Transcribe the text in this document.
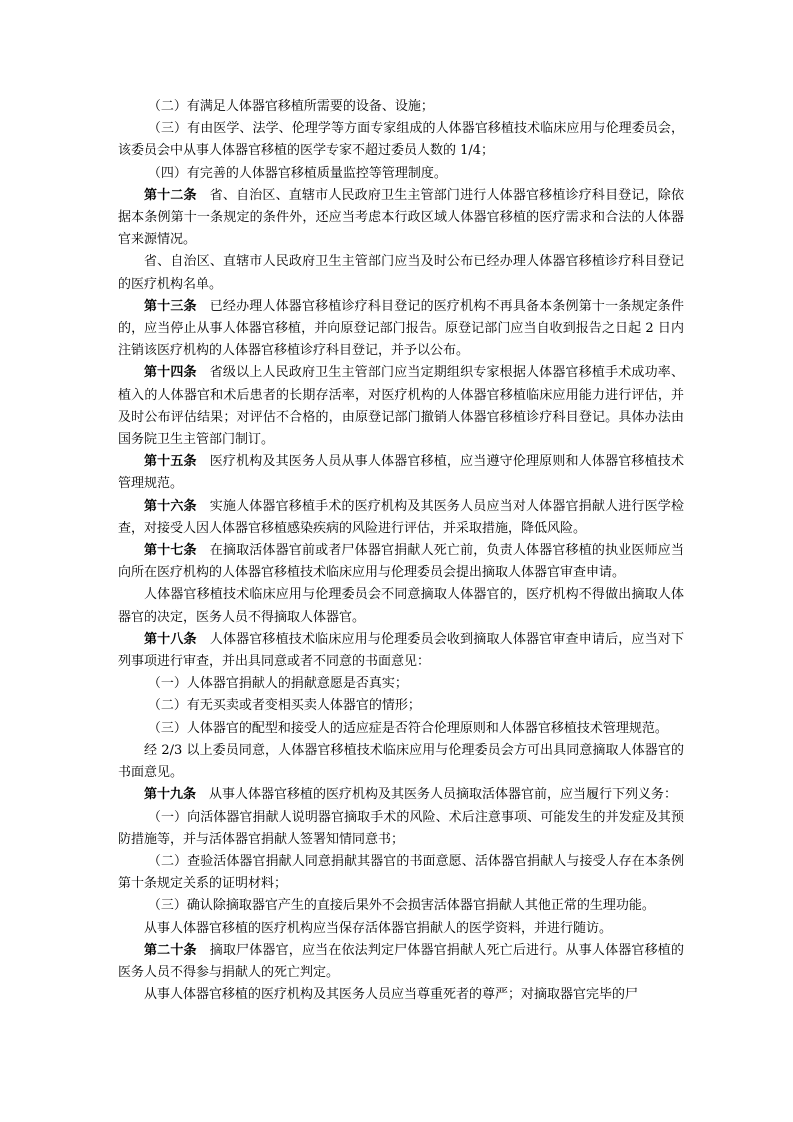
（二）有满足人体器官移植所需要的设备、设施；

（三）有由医学、法学、伦理学等方面专家组成的人体器官移植技术临床应用与伦理委员会，该委员会中从事人体器官移植的医学专家不超过委员人数的 1/4；

（四）有完善的人体器官移植质量监控等管理制度。

第十二条 省、自治区、直辖市人民政府卫生主管部门进行人体器官移植诊疗科目登记，除依据本条例第十一条规定的条件外，还应当考虑本行政区域人体器官移植的医疗需求和合法的人体器官来源情况。

省、自治区、直辖市人民政府卫生主管部门应当及时公布已经办理人体器官移植诊疗科目登记的医疗机构名单。

第十三条 已经办理人体器官移植诊疗科目登记的医疗机构不再具备本条例第十一条规定条件的，应当停止从事人体器官移植，并向原登记部门报告。原登记部门应当自收到报告之日起 2 日内注销该医疗机构的人体器官移植诊疗科目登记，并予以公布。

第十四条 省级以上人民政府卫生主管部门应当定期组织专家根据人体器官移植手术成功率、植入的人体器官和术后患者的长期存活率，对医疗机构的人体器官移植临床应用能力进行评估，并及时公布评估结果；对评估不合格的，由原登记部门撤销人体器官移植诊疗科目登记。具体办法由国务院卫生主管部门制订。

第十五条 医疗机构及其医务人员从事人体器官移植，应当遵守伦理原则和人体器官移植技术管理规范。

第十六条 实施人体器官移植手术的医疗机构及其医务人员应当对人体器官捐献人进行医学检查，对接受人因人体器官移植感染疾病的风险进行评估，并采取措施，降低风险。

第十七条 在摘取活体器官前或者尸体器官捐献人死亡前，负责人体器官移植的执业医师应当向所在医疗机构的人体器官移植技术临床应用与伦理委员会提出摘取人体器官审查申请。

人体器官移植技术临床应用与伦理委员会不同意摘取人体器官的，医疗机构不得做出摘取人体器官的决定，医务人员不得摘取人体器官。

第十八条 人体器官移植技术临床应用与伦理委员会收到摘取人体器官审查申请后，应当对下列事项进行审查，并出具同意或者不同意的书面意见：

（一）人体器官捐献人的捐献意愿是否真实；

（二）有无买卖或者变相买卖人体器官的情形；

（三）人体器官的配型和接受人的适应症是否符合伦理原则和人体器官移植技术管理规范。

经 2/3 以上委员同意，人体器官移植技术临床应用与伦理委员会方可出具同意摘取人体器官的书面意见。

第十九条 从事人体器官移植的医疗机构及其医务人员摘取活体器官前，应当履行下列义务：

（一）向活体器官捐献人说明器官摘取手术的风险、术后注意事项、可能发生的并发症及其预防措施等，并与活体器官捐献人签署知情同意书；

（二）查验活体器官捐献人同意捐献其器官的书面意愿、活体器官捐献人与接受人存在本条例第十条规定关系的证明材料；

（三）确认除摘取器官产生的直接后果外不会损害活体器官捐献人其他正常的生理功能。

从事人体器官移植的医疗机构应当保存活体器官捐献人的医学资料，并进行随访。

第二十条 摘取尸体器官，应当在依法判定尸体器官捐献人死亡后进行。从事人体器官移植的医务人员不得参与捐献人的死亡判定。

从事人体器官移植的医疗机构及其医务人员应当尊重死者的尊严；对摘取器官完毕的尸
